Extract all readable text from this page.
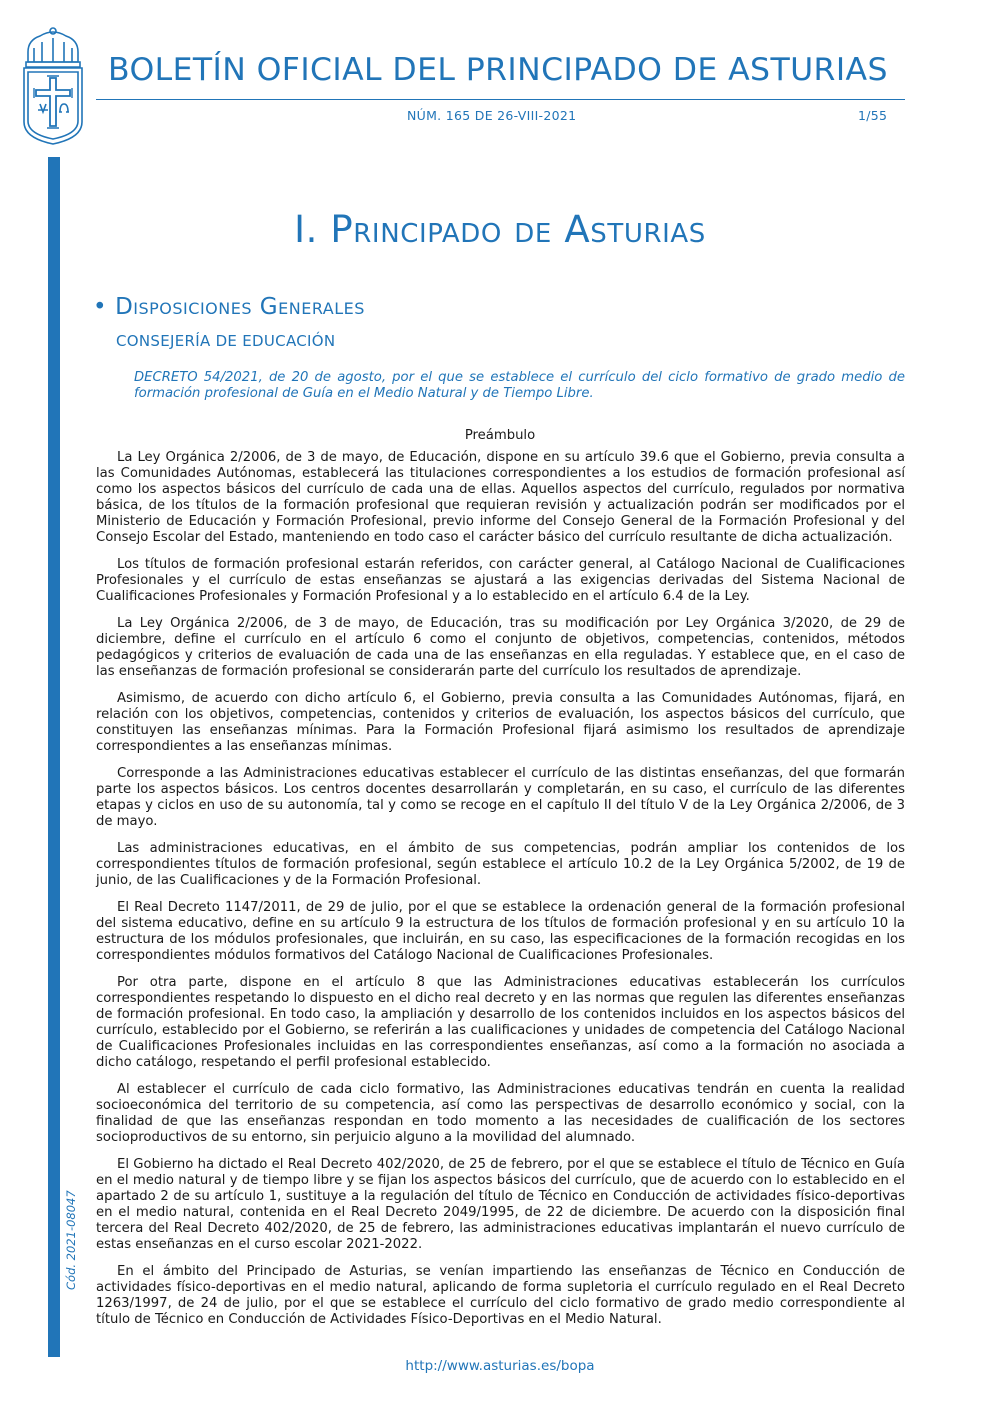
BOLETÍN OFICIAL DEL PRINCIPADO DE ASTURIAS
NÚM. 165 DE 26-VIII-2021	1/55
Cód. 2021-08047
I. Principado de Asturias
• Disposiciones Generales
CONSEJERÍA DE EDUCACIÓN
DECRETO 54/2021, de 20 de agosto, por el que se establece el currículo del ciclo formativo de grado medio de formación profesional de Guía en el Medio Natural y de Tiempo Libre.
Preámbulo

La Ley Orgánica 2/2006, de 3 de mayo, de Educación, dispone en su artículo 39.6 que el Gobierno, previa consulta a las Comunidades Autónomas, establecerá las titulaciones correspondientes a los estudios de formación profesional así como los aspectos básicos del currículo de cada una de ellas. Aquellos aspectos del currículo, regulados por normativa básica, de los títulos de la formación profesional que requieran revisión y actualización podrán ser modificados por el Ministerio de Educación y Formación Profesional, previo informe del Consejo General de la Formación Profesional y del Consejo Escolar del Estado, manteniendo en todo caso el carácter básico del currículo resultante de dicha actualización.

Los títulos de formación profesional estarán referidos, con carácter general, al Catálogo Nacional de Cualificaciones Profesionales y el currículo de estas enseñanzas se ajustará a las exigencias derivadas del Sistema Nacional de Cualificaciones Profesionales y Formación Profesional y a lo establecido en el artículo 6.4 de la Ley.

La Ley Orgánica 2/2006, de 3 de mayo, de Educación, tras su modificación por Ley Orgánica 3/2020, de 29 de diciembre, define el currículo en el artículo 6 como el conjunto de objetivos, competencias, contenidos, métodos pedagógicos y criterios de evaluación de cada una de las enseñanzas en ella reguladas. Y establece que, en el caso de las enseñanzas de formación profesional se considerarán parte del currículo los resultados de aprendizaje.

Asimismo, de acuerdo con dicho artículo 6, el Gobierno, previa consulta a las Comunidades Autónomas, fijará, en relación con los objetivos, competencias, contenidos y criterios de evaluación, los aspectos básicos del currículo, que constituyen las enseñanzas mínimas. Para la Formación Profesional fijará asimismo los resultados de aprendizaje correspondientes a las enseñanzas mínimas.

Corresponde a las Administraciones educativas establecer el currículo de las distintas enseñanzas, del que formarán parte los aspectos básicos. Los centros docentes desarrollarán y completarán, en su caso, el currículo de las diferentes etapas y ciclos en uso de su autonomía, tal y como se recoge en el capítulo II del título V de la Ley Orgánica 2/2006, de 3 de mayo.

Las administraciones educativas, en el ámbito de sus competencias, podrán ampliar los contenidos de los correspondientes títulos de formación profesional, según establece el artículo 10.2 de la Ley Orgánica 5/2002, de 19 de junio, de las Cualificaciones y de la Formación Profesional.

El Real Decreto 1147/2011, de 29 de julio, por el que se establece la ordenación general de la formación profesional del sistema educativo, define en su artículo 9 la estructura de los títulos de formación profesional y en su artículo 10 la estructura de los módulos profesionales, que incluirán, en su caso, las especificaciones de la formación recogidas en los correspondientes módulos formativos del Catálogo Nacional de Cualificaciones Profesionales.

Por otra parte, dispone en el artículo 8 que las Administraciones educativas establecerán los currículos correspondientes respetando lo dispuesto en el dicho real decreto y en las normas que regulen las diferentes enseñanzas de formación profesional. En todo caso, la ampliación y desarrollo de los contenidos incluidos en los aspectos básicos del currículo, establecido por el Gobierno, se referirán a las cualificaciones y unidades de competencia del Catálogo Nacional de Cualificaciones Profesionales incluidas en las correspondientes enseñanzas, así como a la formación no asociada a dicho catálogo, respetando el perfil profesional establecido.

Al establecer el currículo de cada ciclo formativo, las Administraciones educativas tendrán en cuenta la realidad socioeconómica del territorio de su competencia, así como las perspectivas de desarrollo económico y social, con la finalidad de que las enseñanzas respondan en todo momento a las necesidades de cualificación de los sectores socioproductivos de su entorno, sin perjuicio alguno a la movilidad del alumnado.

El Gobierno ha dictado el Real Decreto 402/2020, de 25 de febrero, por el que se establece el título de Técnico en Guía en el medio natural y de tiempo libre y se fijan los aspectos básicos del currículo, que de acuerdo con lo establecido en el apartado 2 de su artículo 1, sustituye a la regulación del título de Técnico en Conducción de actividades físico-deportivas en el medio natural, contenida en el Real Decreto 2049/1995, de 22 de diciembre. De acuerdo con la disposición final tercera del Real Decreto 402/2020, de 25 de febrero, las administraciones educativas implantarán el nuevo currículo de estas enseñanzas en el curso escolar 2021-2022.

En el ámbito del Principado de Asturias, se venían impartiendo las enseñanzas de Técnico en Conducción de actividades físico-deportivas en el medio natural, aplicando de forma supletoria el currículo regulado en el Real Decreto 1263/1997, de 24 de julio, por el que se establece el currículo del ciclo formativo de grado medio correspondiente al título de Técnico en Conducción de Actividades Físico-Deportivas en el Medio Natural.

http://www.asturias.es/bopa
